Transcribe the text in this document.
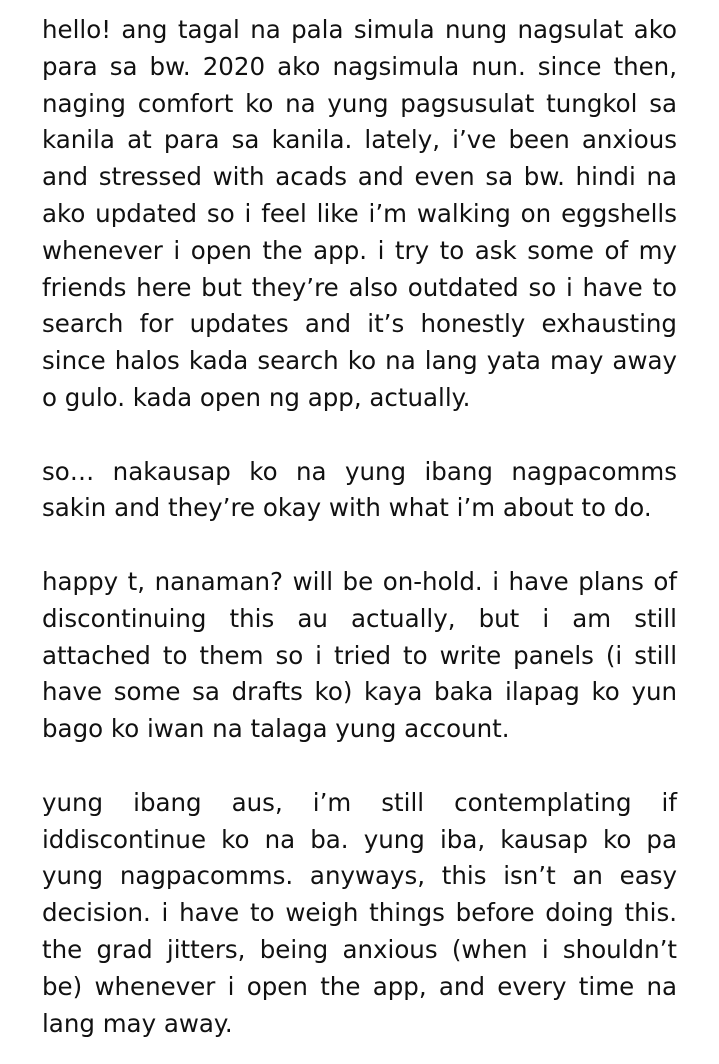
hello! ang tagal na pala simula nung nagsulat ako para sa bw. 2020 ako nagsimula nun. since then, naging comfort ko na yung pagsusulat tungkol sa kanila at para sa kanila. lately, i’ve been anxious and stressed with acads and even sa bw. hindi na ako updated so i feel like i’m walking on eggshells whenever i open the app. i try to ask some of my friends here but they’re also outdated so i have to search for updates and it’s honestly exhausting since halos kada search ko na lang yata may away o gulo. kada open ng app, actually.

so… nakausap ko na yung ibang nagpacomms sakin and they’re okay with what i’m about to do.

happy t, nanaman? will be on-hold. i have plans of discontinuing this au actually, but i am still attached to them so i tried to write panels (i still have some sa drafts ko) kaya baka ilapag ko yun bago ko iwan na talaga yung account.

yung ibang aus, i’m still contemplating if iddiscontinue ko na ba. yung iba, kausap ko pa yung nagpacomms. anyways, this isn’t an easy decision. i have to weigh things before doing this. the grad jitters, being anxious (when i shouldn’t be) whenever i open the app, and every time na lang may away.
